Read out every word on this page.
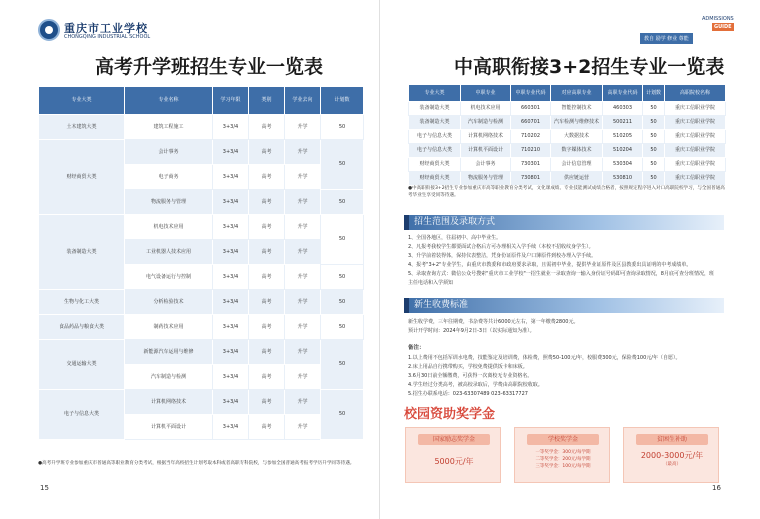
重庆市工业学校
CHONGQING INDUSTRIAL SCHOOL
高考升学班招生专业一览表
专业大类	专业名称	学习年限	类别	学业去向	计划数
土木建筑大类	建筑工程施工	3+3/4	高考	升学	50
财经商贸大类	会计事务	3+3/4	高考	升学	50
	电子商务	3+3/4	高考	升学	
	物流服务与管理	3+3/4	高考	升学	50
装备制造大类	机电技术应用	3+3/4	高考	升学	50
	工业机器人技术应用	3+3/4	高考	升学	
	电气设备运行与控制	3+3/4	高考	升学	50
生物与化工大类	分析检验技术	3+3/4	高考	升学	50
食品药品与粮食大类	制药技术应用	3+3/4	高考	升学	50
交通运输大类	新能源汽车运用与维修	3+3/4	高考	升学	50
	汽车制造与检测	3+3/4	高考	升学	
电子与信息大类	计算机网络技术	3+3/4	高考	升学	50
	计算机平面设计	3+3/4	高考	升学	
●高考升学班专业参加重庆市普通高等职业教育分类考试，根据当年高校招生计划考取本科或者高职专科院校，与参加全国普通高考报考学历升学同等待遇。
15
ADMISSIONS
GUIDE
教自 励学 修业 尊能
中高职衔接3+2招生专业一览表
专业大类	中职专业	中职专业代码	对应高职专业	高职专业代码	计划数	高职院校名称
装备制造大类	机电技术应用	660301	智能控制技术	460303	50	重庆工信职业学院
装备制造大类	汽车制造与检测	660701	汽车检测与维修技术	500211	50	重庆工信职业学院
电子与信息大类	计算机网络技术	710202	大数据技术	510205	50	重庆工信职业学院
电子与信息大类	计算机平面设计	710210	数字媒体技术	510204	50	重庆工信职业学院
财经商贸大类	会计事务	730301	会计信息管理	530304	50	重庆工信职业学院
财经商贸大类	物流服务与管理	730801	供应链运营	530810	50	重庆工信职业学院
●中高职衔接3+2招生专业参加重庆市高等职业教育分类考试，文化课成绩、专业技能测试成绩合格者，按照规定程序进入对口高职院校学习，与全国普通高考毕业生享受同等待遇。
招生范围及录取方式
1、全国各地区，往届初中、高中毕业生。
2、凡报考我校学生都要面试合格后方可办理相关入学手续（本校不招收纹身学生）。
3、升学前着装得体，保持仪表整洁，凭身份证原件及户口簿原件到校办理入学手续。
4、报考"3+2"专业学生，由重庆市教委和市政府要求录取，且需初中毕业，提供毕业证原件及区县教委出具证明的中考成绩单。
5、录取查询方式：微信公众号搜索"重庆市工业学校"一招生就业一录取查询一输入身份证号码即可查询录取情况，8月底可查分班情况，班主任电话和入学须知
新生收费标准
新生收学费，三年往期费，书杂费等共计6000元左右，第一年缴费2800元。
预计开学时间：2024年9月2日-3日（以实际通知为准）。
备注：
1.以上费用不包括军训水电费，技能鉴定及培训费，体检费，照费50-100元/年，校服费300元，保险费100元/年（自愿）。
2.床上用品自行携带购买，学校免费提供饭卡和床板。
3.6月30日前全额缴费，可获得一次离校无专业资格名。
4.学生经过分类高考，被高校录取后，学费由高职院校收取。
5.招生办联系电话：023-63307489 023-63317727
校园资助奖学金
国家励志奖学金
5000元/年
学校奖学金
一等奖学金：300元/每学期
二等奖学金：200元/每学期
三等奖学金：100元/每学期
贫困生补助
2000-3000元/年
（最高）
16
